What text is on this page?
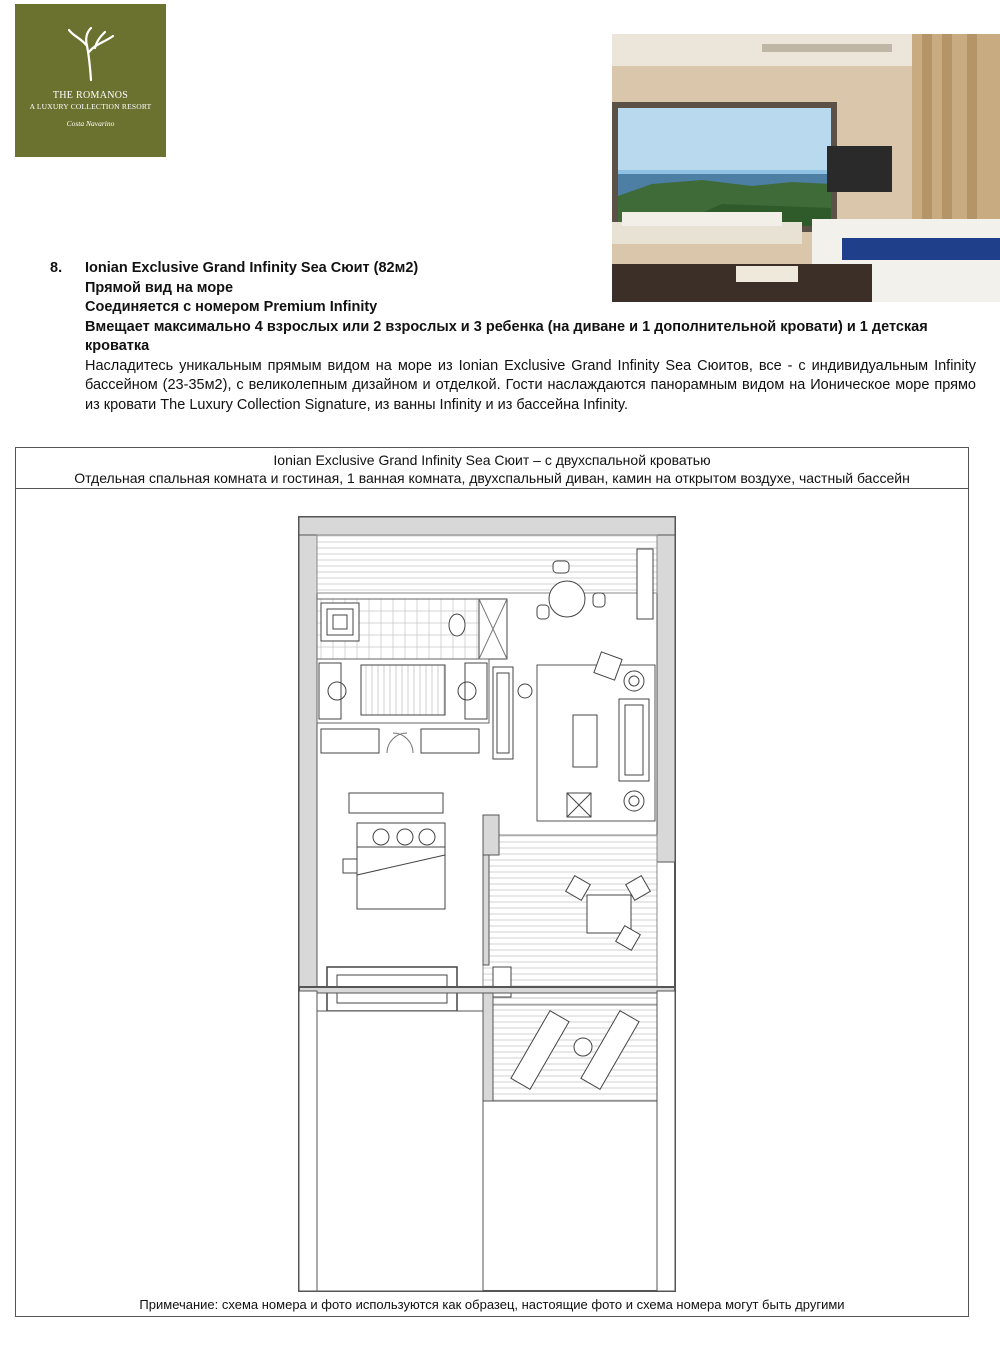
THE ROMANOS
A LUXURY COLLECTION RESORT
Costa Navarino
8. Ionian Exclusive Grand Infinity Sea Сюит (82м2)
Прямой вид на море
Соединяется с номером Premium Infinity
Вмещает максимально 4 взрослых или 2 взрослых и 3 ребенка (на диване и 1 дополнительной кровати) и 1 детская кроватка
Насладитесь уникальным прямым видом на море из Ionian Exclusive Grand Infinity Sea Сюитов, все - с индивидуальным Infinity бассейном (23-35м2), с великолепным дизайном и отделкой. Гости наслаждаются панорамным видом на Ионическое море прямо из кровати The Luxury Collection Signature, из ванны Infinity и из бассейна Infinity.
Ionian Exclusive Grand Infinity Sea Сюит – с двухспальной кроватью
Отдельная спальная комната и гостиная, 1 ванная комната, двухспальный диван, камин на открытом воздухе, частный бассейн
Примечание: схема номера и фото используются как образец, настоящие фото и схема номера могут быть другими
